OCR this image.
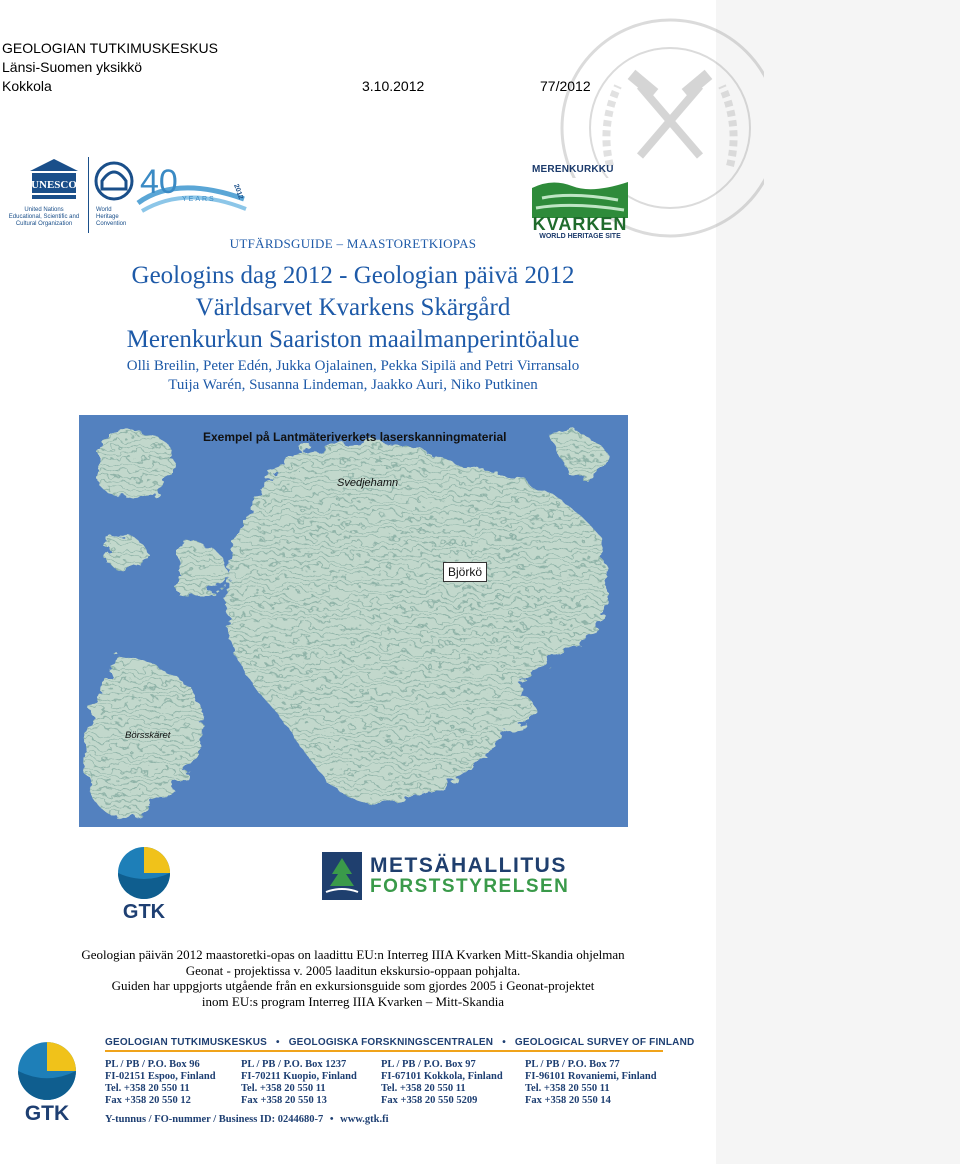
GEOLOGIAN TUTKIMUSKESKUS
Länsi-Suomen yksikkö
Kokkola	3.10.2012	77/2012
UNESCO
United Nations
Educational, Scientific and
Cultural Organization
World
Heritage
Convention
40 YEARS 2012
MERENKURKKU
KVARKEN
WORLD HERITAGE SITE
UTFÄRDSGUIDE – MAASTORETKIOPAS
Geologins dag 2012 - Geologian päivä 2012
Världsarvet Kvarkens Skärgård
Merenkurkun Saariston maailmanperintöalue
Olli Breilin, Peter Edén, Jukka Ojalainen, Pekka Sipilä and Petri Virransalo
Tuija Warén, Susanna Lindeman, Jaakko Auri, Niko Putkinen
Exempel på Lantmäteriverkets laserskanningmaterial
Svedjehamn
Björkö
Börsskäret
GTK
METSÄHALLITUS
FORSTSTYRELSEN
Geologian päivän 2012 maastoretki-opas on laadittu EU:n Interreg IIIA Kvarken Mitt-Skandia ohjelman
Geonat - projektissa v. 2005 laaditun ekskursio-oppaan pohjalta.
Guiden har uppgjorts utgående från en exkursionsguide som gjordes 2005 i Geonat-projektet
inom EU:s program Interreg IIIA Kvarken – Mitt-Skandia
GTK
GEOLOGIAN TUTKIMUSKESKUS • GEOLOGISKA FORSKNINGSCENTRALEN • GEOLOGICAL SURVEY OF FINLAND
PL / PB / P.O. Box 96
FI-02151 Espoo, Finland
Tel. +358 20 550 11
Fax +358 20 550 12
PL / PB / P.O. Box 1237
FI-70211 Kuopio, Finland
Tel. +358 20 550 11
Fax +358 20 550 13
PL / PB / P.O. Box 97
FI-67101 Kokkola, Finland
Tel. +358 20 550 11
Fax +358 20 550 5209
PL / PB / P.O. Box 77
FI-96101 Rovaniemi, Finland
Tel. +358 20 550 11
Fax +358 20 550 14
Y-tunnus / FO-nummer / Business ID: 0244680-7 • www.gtk.fi
